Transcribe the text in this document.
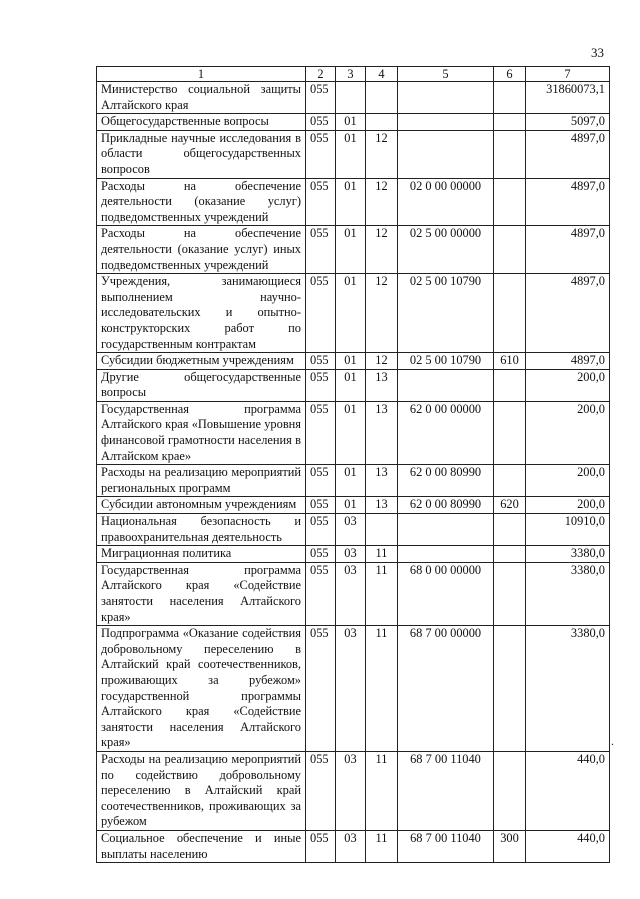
33
1	2	3	4	5	6	7
Министерство социальной защиты Алтайского края	055					31860073,1
Общегосударственные вопросы	055	01				5097,0
Прикладные научные исследования в области общегосударственных вопросов	055	01	12			4897,0
Расходы на обеспечение деятельности (оказание услуг) подведомственных учреждений	055	01	12	02 0 00 00000		4897,0
Расходы на обеспечение деятельности (оказание услуг) иных подведомственных учреждений	055	01	12	02 5 00 00000		4897,0
Учреждения, занимающиеся выполнением научно-исследовательских и опытно-конструкторских работ по государственным контрактам	055	01	12	02 5 00 10790		4897,0
Субсидии бюджетным учреждениям	055	01	12	02 5 00 10790	610	4897,0
Другие общегосударственные вопросы	055	01	13			200,0
Государственная программа Алтайского края «Повышение уровня финансовой грамотности населения в Алтайском крае»	055	01	13	62 0 00 00000		200,0
Расходы на реализацию мероприятий региональных программ	055	01	13	62 0 00 80990		200,0
Субсидии автономным учреждениям	055	01	13	62 0 00 80990	620	200,0
Национальная безопасность и правоохранительная деятельность	055	03				10910,0
Миграционная политика	055	03	11			3380,0
Государственная программа Алтайского края «Содействие занятости населения Алтайского края»	055	03	11	68 0 00 00000		3380,0
Подпрограмма «Оказание содействия добровольному переселению в Алтайский край соотечественников, проживающих за рубежом» государственной программы Алтайского края «Содействие занятости населения Алтайского края»	055	03	11	68 7 00 00000		3380,0
Расходы на реализацию мероприятий по содействию добровольному переселению в Алтайский край соотечественников, проживающих за рубежом	055	03	11	68 7 00 11040		440,0
Социальное обеспечение и иные выплаты населению	055	03	11	68 7 00 11040	300	440,0
.
